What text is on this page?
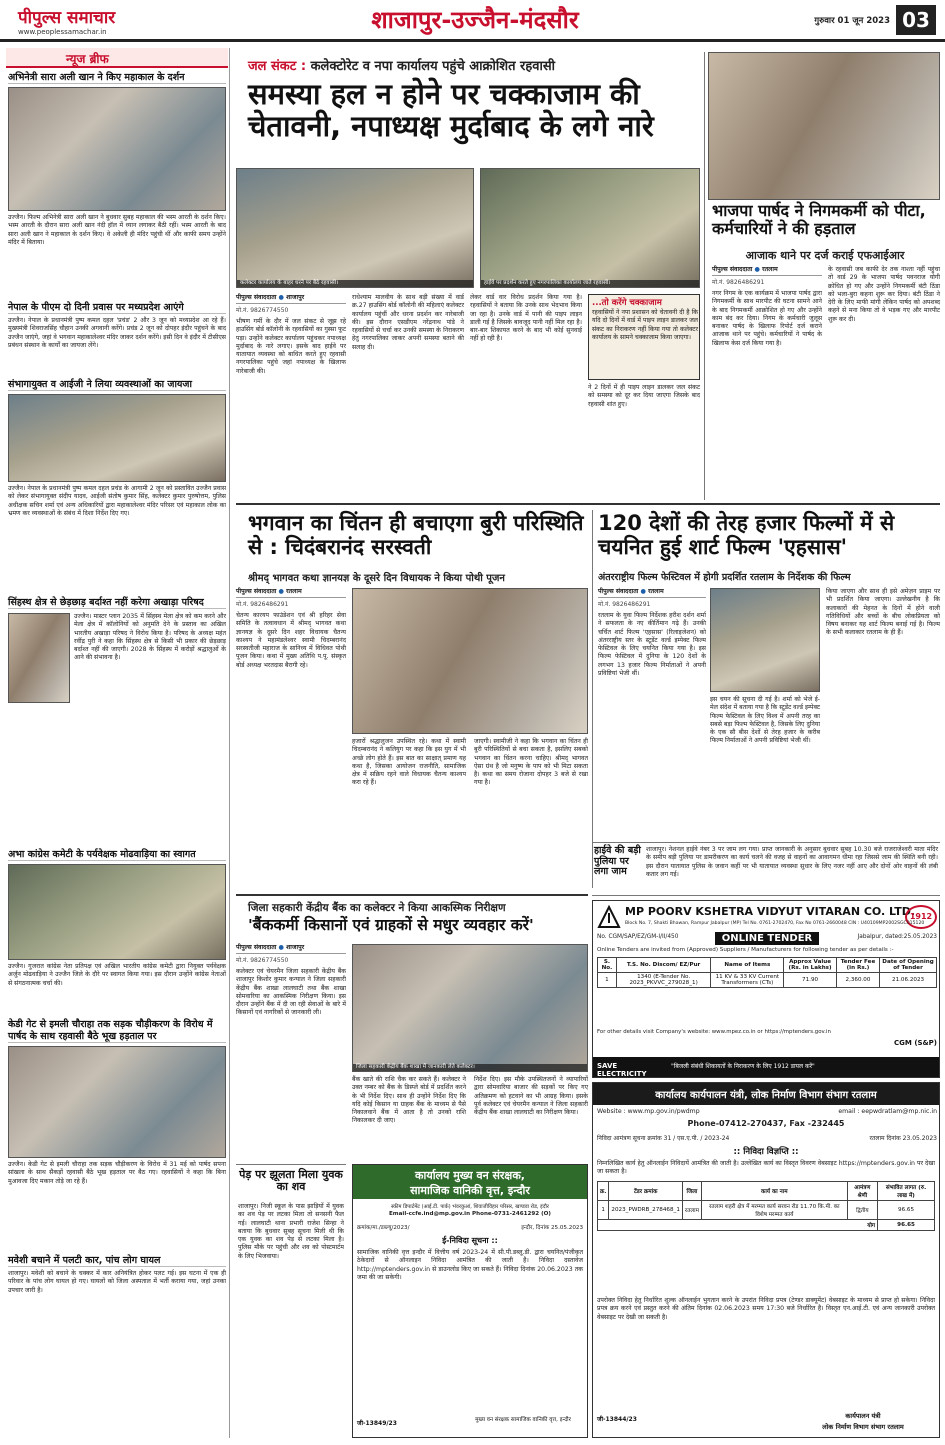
पीपुल्स समाचार
www.peoplessamachar.in	शाजापुर-उज्जैन-मंदसौर	गुरुवार 01 जून 2023 03
न्यूज ब्रीफ
अभिनेत्री सारा अली खान ने किए महाकाल के दर्शन
उज्जैन। फिल्म अभिनेत्री सारा अली खान ने बुधवार सुबह महाकाल की भस्म आरती के दर्शन किए। भस्म आरती के दौरान सारा अली खान नंदी हॉल में ध्यान लगाकर बैठी रहीं। भस्म आरती के बाद सारा अली खान ने महाकाल के दर्शन किए। वे अकेली ही मंदिर पहुंची थीं और काफी समय उन्होंने मंदिर में बिताया।
नेपाल के पीएम दो दिनी प्रवास पर मध्यप्रदेश आएंगे
उज्जैन। नेपाल के प्रधानमंत्री पुष्प कमल दहल 'प्रचंड' 2 और 3 जून को मध्यप्रदेश आ रहे हैं। मुख्यमंत्री शिवराजसिंह चौहान उनकी अगवानी करेंगे। प्रचंड 2 जून को दोपहर इंदौर पहुंचने के बाद उज्जैन जाएंगे, जहां वे भगवान महाकालेश्वर मंदिर जाकर दर्शन करेंगे। इसी दिन वे इंदौर में टीसीएस प्रबंधन संस्थान के कार्यों का जायजा लेंगे।
संभागायुक्त व आईजी ने लिया व्यवस्थाओं का जायजा
उज्जैन। नेपाल के प्रधानमंत्री पुष्प कमल दहल प्रचंड के आगामी 2 जून को प्रस्तावित उज्जैन प्रवास को लेकर संभागायुक्त संदीप यादव, आईजी संतोष कुमार सिंह, कलेक्टर कुमार पुरुषोत्तम, पुलिस अधीक्षक सचिन शर्मा एवं अन्य अधिकारियों द्वारा महाकालेश्वर मंदिर परिसर एवं महाकाल लोक का भ्रमण कर व्यवस्थाओं के संबंध में दिशा निर्देश दिए गए।
सिंहस्थ क्षेत्र से छेड़छाड़ बर्दाश्त नहीं करेगा अखाड़ा परिषद
उज्जैन। मास्टर प्लान 2035 में सिंहस्थ मेला क्षेत्र को कम करने और मेला क्षेत्र में कॉलोनियों को अनुमति देने के प्रस्ताव का अखिल भारतीय अखाड़ा परिषद ने विरोध किया है। परिषद के अध्यक्ष महंत रवींद्र पुरी ने कहा कि सिंहस्थ क्षेत्र से किसी भी प्रकार की छेड़छाड़ बर्दाश्त नहीं की जाएगी। 2028 के सिंहस्थ में करोड़ों श्रद्धालुओं के आने की संभावना है।
अभा कांग्रेस कमेटी के पर्यवेक्षक मोढवाड़िया का स्वागत
उज्जैन। गुजरात कांग्रेस नेता प्रतिपक्ष एवं अखिल भारतीय कांग्रेस कमेटी द्वारा नियुक्त पर्यवेक्षक अर्जुन मोढवाड़िया ने उज्जैन जिले के दौरे पर स्वागत किया गया। इस दौरान उन्होंने कांग्रेस नेताओं से संगठनात्मक चर्चा की।
केडी गेट से इमली चौराहा तक सड़क चौड़ीकरण के विरोध में पार्षद के साथ रहवासी बैठे भूख हड़ताल पर
उज्जैन। केडी गेट से इमली चौराहा तक सड़क चौड़ीकरण के विरोध में 31 मई को पार्षद सपना सांखला के साथ सैकड़ों रहवासी बैठे भूख हड़ताल पर बैठ गए। रहवासियों ने कहा कि बिना मुआवजा दिए मकान तोड़े जा रहे हैं।
मवेशी बचाने में पलटी कार, पांच लोग घायल
शाजापुर। मवेशी को बचाने के चक्कर में कार अनियंत्रित होकर पलट गई। इस घटना में एक ही परिवार के पांच लोग घायल हो गए। घायलों को जिला अस्पताल में भर्ती कराया गया, जहां उनका उपचार जारी है।
जल संकट : कलेक्टोरेट व नपा कार्यालय पहुंचे आक्रोशित रहवासी
समस्या हल न होने पर चक्काजाम की चेतावनी, नपाध्यक्ष मुर्दाबाद के लगे नारे
कलेक्टर कार्यालय के बाहर धरने पर बैठे रहवासी।	हाईवे पर प्रदर्शन करते हुए नगरपालिका कार्यालय जाते रहवासी।
पीपुल्स संवाददाता ● शाजापुर
मो.नं. 9826774550
भीषण गर्मी के दौर में जल संकट से जूझ रहे हाउसिंग बोर्ड कॉलोनी के रहवासियों का गुस्सा फूट पड़ा। उन्होंने कलेक्टर कार्यालय पहुंचकर नपाध्यक्ष मुर्दाबाद के नारे लगाए। इसके बाद हाईवे पर यातायात व्यवस्था को बाधित करते हुए रहवासी नगरपालिका पहुंचे जहां नपाध्यक्ष के खिलाफ नारेबाजी की।
राधेश्याम मालवीय के साथ बड़ी संख्या में वार्ड क्र.27 हाउसिंग बोर्ड कॉलोनी की महिलाएं कलेक्टर कार्यालय पहुंचीं और धरना प्रदर्शन कर नारेबाजी की। इस दौरान एसडीएम नरेंद्रनाथ पांडे ने रहवासियों से चर्चा कर उनकी समस्या के निराकरण हेतु नगरपालिका जाकर अपनी समस्या बताने की सलाह दी।
लेकर वार्ड वार विरोध प्रदर्शन किया गया है। रहवासियों ने बताया कि उनके साथ भेदभाव किया जा रहा है। उनके वार्ड में पानी की पाइप लाइन डाली गई है जिसके बावजूद पानी नहीं मिल रहा है। बार-बार शिकायत करने के बाद भी कोई सुनवाई नहीं हो रही है।
...तो करेंगे चक्काजाम
रहवासियों ने नपा प्रशासन को चेतावनी दी है कि यदि दो दिनों में वार्ड में पाइप लाइन डालकर जल संकट का निराकरण नहीं किया गया तो कलेक्टर कार्यालय के सामने चक्काजाम किया जाएगा।
ने 2 दिनों में ही पाइप लाइन डालकर जल संकट को समस्या को दूर कर दिया जाएगा जिसके बाद रहवासी शांत हुए।
भाजपा पार्षद ने निगमकर्मी को पीटा, कर्मचारियों ने की हड़ताल
आजाक थाने पर दर्ज कराई एफआईआर
पीपुल्स संवाददाता ● रतलाम
मो.नं. 9826486291
नगर निगम के एक कार्यक्रम में भाजपा पार्षद द्वारा निगमकर्मी के साथ मारपीट की घटना सामने आने के बाद निगमकर्मी आक्रोशित हो गए और उन्होंने काम बंद कर दिया। निगम के कर्मचारी जुलूस बनाकर पार्षद के खिलाफ रिपोर्ट दर्ज कराने आजाक थाने पर पहुंचे। कर्मचारियों ने पार्षद के खिलाफ केस दर्ज किया गया है।
के रहवासी जब काफी देर तक नाश्ता नहीं पहुंचा तो वार्ड 29 के भाजपा पार्षद पवनराज योगी क्रोधित हो गए और उन्होंने निगमकर्मी बंटी ठिंडा को भला-बुरा कहना शुरू कर दिया। बंटी ठिंडा ने देरी के लिए माफी मांगी लेकिन पार्षद को अपशब्द कहने से मना किया तो वे भड़क गए और मारपीट शुरू कर दी।
भगवान का चिंतन ही बचाएगा बुरी परिस्थिति से : चिदंबरानंद सरस्वती
श्रीमद् भागवत कथा ज्ञानयज्ञ के दूसरे दिन विधायक ने किया पोथी पूजन
पीपुल्स संवाददाता ● रतलाम
मो.नं. 9826486291
चेतन्य कारयप फाउंडेशन एवं श्री हरिहर सेवा समिति के तत्वावधान में श्रीमद् भागवत कथा ज्ञानयज्ञ के दूसरे दिन शहर विधायक चैतन्य काश्यप ने महामंडलेश्वर स्वामी चिदम्बरानंद सरस्वतीजी महाराज के सानिध्य में विधिवत पोथी पूजन किया। कथा में मुख्य अतिथि प.पू. संस्कृत बोर्ड अध्यक्ष भरतदास बैरागी रहे।
हजारों श्रद्धालुजन उपस्थित रहे। कथा में स्वामी चिदम्बरानंद ने कलियुग पर कहा कि इस युग में भी अच्छे लोग होते हैं। इस बात का साक्षात् प्रमाण यह कथा है, जिसका आयोजन राजनीति, सामाजिक क्षेत्र में सक्रिय रहने वाले विधायक चैतन्य काश्यप करा रहे हैं।
जाएगी। स्वामीजी ने कहा कि भगवान का चिंतन ही बुरी परिस्थितियों से बचा सकता है, इसलिए सबको भगवान का चिंतन करना चाहिए। श्रीमद् भागवत ऐसा ग्रंथ है जो मनुष्य के पाप को भी मिटा सकता है। कथा का समय रोजाना दोपहर 3 बजे से रखा गया है।
120 देशों की तेरह हजार फिल्मों में से चयनित हुई शार्ट फिल्म 'एहसास'
अंतरराष्ट्रीय फिल्म फेस्टिवल में होगी प्रदर्शित रतलाम के निर्देशक की फिल्म
पीपुल्स संवाददाता ● रतलाम
मो.नं. 9826486291
रतलाम के युवा फिल्म निर्देशक हरीश दर्शन शर्मा ने सफलता के नए कीर्तिमान गढ़े हैं। उनकी चर्चित शार्ट फिल्म 'एहसास' (रिलाइजेशन) को अंतरराष्ट्रीय स्तर के स्टूडेंट वर्ल्ड इम्पेक्ट फिल्म फेस्टिवल के लिए चयनित किया गया है। इस फिल्म फेस्टिवल में दुनिया के 120 देशों के लगभग 13 हजार फिल्म निर्माताओं ने अपनी प्रविष्टियां भेजी थीं।
इस चयन की सूचना दी गई है। शर्मा को भेजे ई-मेल संदेश में बताया गया है कि स्टूडेंट वर्ल्ड इम्पेक्ट फिल्म फेस्टिवल के लिए विश्व में अपनी तरह का सबसे बड़ा फिल्म फेस्टिवल है, जिसके लिए दुनिया के एक सौ बीस देशों से तेरह हजार के करीब फिल्म निर्माताओं ने अपनी प्रविष्टियां भेजी थीं।
किया जाएगा और साथ ही इसे अमेज़न प्राइम पर भी प्रदर्शित किया जाएगा। उल्लेखनीय है कि कलाकारों की मेहनत के दिनों में होने वाली गतिविधियों और बच्चों के बीच लोकप्रियता को विषय बनाकर यह शार्ट फिल्म बनाई गई है। फिल्म के सभी कलाकार रतलाम के ही हैं।
हाईवे की बड़ी पुलिया पर लगा जाम
शाजापुर। नेशनल हाईवे नंबर 3 पर जाम लग गया। प्राप्त जानकारी के अनुसार बुधवार सुबह 10.30 बजे राजराजेश्वरी माता मंदिर के समीप बड़ी पुलिया पर डामरीकरण का कार्य चलने की वजह से वाहनों का आवागमन धीमा रहा जिससे जाम की स्थिति बनी रही। इस दौरान यातायात पुलिस के जवान कहीं पर भी यातायात व्यवस्था सुधार के लिए नजर नहीं आए और दोनों ओर वाहनों की लंबी कतार लग गई।
जिला सहकारी केंद्रीय बैंक का कलेक्टर ने किया आकस्मिक निरीक्षण
'बैंककर्मी किसानों एवं ग्राहकों से मधुर व्यवहार करें'
पीपुल्स संवाददाता ● शाजापुर
मो.नं. 9826774550
कलेक्टर एवं चेयरमैन जिला सहकारी केंद्रीय बैंक शाजापुर किशोर कुमार कन्याल ने जिला सहकारी केंद्रीय बैंक शाखा लालघाटी तथा बैंक शाखा सोमवारिया का आकस्मिक निरीक्षण किया। इस दौरान उन्होंने बैंक में दी जा रही सेवाओं के बारे में किसानों एवं नागरिकों से जानकारी ली।
जिला सहकारी केंद्रीय बैंक शाखा में जानकारी लेते कलेक्टर।
बैंक खाते की राशि चैक कर सकते हैं। कलेक्टर ने उक्त नम्बर को बैंक के डिस्प्ले बोर्ड में प्रदर्शित करने के भी निर्देश दिए। साथ ही उन्होंने निर्देश दिए कि यदि कोई किसान या ग्राहक बैंक के माध्यम से पैसे निकालवाने बैंक में आता है तो उनको राशि निकालकर दी जाए।
निर्देश दिए। इस मौके उपस्थितजनों ने व्यापारियों द्वारा सोमवारिया बाजार की सड़कों पर किए गए अतिक्रमण को हटवाने का भी आग्रह किया। इसके पूर्व कलेक्टर एवं चेयरमैन कन्याल ने जिला सहकारी केंद्रीय बैंक शाखा लालघाटी का निरीक्षण किया।
पेड़ पर झूलता मिला युवक का शव
शाजापुर। निजी स्कूल के पास झाड़ियों में युवक का शव पेड़ पर लटका मिला तो सनसनी फैल गई। लालघाटी थाना प्रभारी राजेश सिन्हा ने बताया कि बुधवार सुबह सूचना मिली थी कि एक युवक का शव पेड़ से लटका मिला है। पुलिस मौके पर पहुंची और शव को पोस्टमार्टम के लिए भिजवाया।
कार्यालय मुख्य वन संरक्षक,
सामाजिक वानिकी वृत्त, इन्दौर
स्कीम डिपार्टमेंट (आई.टी. पार्क) भंवरकुआं, शिवाजीविहार परिसर, खण्डवा रोड, इंदौर
Email-ccfe.ind@mp.gov.in Phone-0731-2461292 (O)
क्रमांक/मा./डब्ल्यू/2023/	इन्दौर, दिनांक 25.05.2023
ई-निविदा सूचना ::
सामाजिक वानिकी वृत्त इन्दौर में वित्तीय वर्ष 2023-24 में सी.पी.डब्लू.डी. द्वारा चयनित/पंजीकृत ठेकेदारों से ऑनलाइन निविदा आमंत्रित की जाती है। निविदा दस्तावेज http://mptenders.gov.in से डाउनलोड किए जा सकते हैं। निविदा दिनांक 20.06.2023 तक जमा की जा सकेगी।
जी-13849/23	मुख्य वन संरक्षक सामाजिक वानिकी वृत्त, इन्दौर
MP POORV KSHETRA VIDYUT VITARAN CO. LTD.
1912
Block No. 7, Shakti Bhawan, Rampur Jabalpur (MP) Tel No. 0761-2702470, Fax No 0761-2660048 CIN : U40109MP2002SGC015120
No. CGM/SAP/EZ/GM-I/II/450	ONLINE TENDER	Jabalpur, dated:25.05.2023
Online Tenders are invited from (Approved) Suppliers / Manufacturers for following tender as per details :-
S. No.	T.S. No. Discom/ EZ/Pur	Name of Items	Approx Value (Rs. in Lakhs)	Tender Fee (in Rs.)	Date of Opening of Tender
1	1340 (E-Tender No. 2023_PKVVC_279028_1)	11 KV & 33 KV Current Transformers (CTs)	71.90	2,360.00	21.06.2023
For other details visit Company's website: www.mpez.co.in or https://mptenders.gov.in
CGM (S&P)
SAVE ELECTRICITY
"बिजली संबंधी शिकायतों के निराकरण के लिए 1912 डायल करें"
कार्यालय कार्यपालन यंत्री, लोक निर्माण विभाग संभाग रतलाम
Website : www.mp.gov.in/pwdmp	email : eepwdratlam@mp.nic.in
Phone-07412-270437, Fax -232445
निविदा आमंत्रण सूचना क्रमांक 31 / एस.ए.पी. / 2023-24	रतलाम दिनांक 23.05.2023
:: निविदा विज्ञप्ति ::
निम्नलिखित कार्य हेतु ऑनलाईन निविदायें आमंत्रित की जाती है। उल्लेखित कार्य का विस्तृत विवरण वेबसाइट https://mptenders.gov.in पर देखा जा सकता है।
क्र.	टेंडर क्रमांक	जिला	कार्य का नाम	आमंत्रण श्रेणी	संभावित लागत (रु. लाख में)
1	2023_PWDRB_278468_1	रतलाम	रतलाम शहरी क्षेत्र में मरम्मत कार्य सरवन रोड 11.70 कि.मी. का विशेष मरम्मत कार्य	द्वितीय	96.65
योग					96.65
उपरोक्त निविदा हेतु निर्धारित शुल्क ऑनलाईन भुगतान करने के उपरांत निविदा प्रपत्र (टेण्डर डाक्यूमेंट) वेबसाइट के माध्यम से प्राप्त हो सकेगा। निविदा प्रपत्र क्रय करने एवं प्रस्तुत करने की अंतिम दिनांक 02.06.2023 समय 17:30 बजे निर्धारित है। विस्तृत एन.आई.टी. एवं अन्य जानकारी उपरोक्त वेबसाइट पर देखी जा सकती है।
जी-13844/23	कार्यपालन यंत्री
लोक निर्माण विभाग संभाग रतलाम
